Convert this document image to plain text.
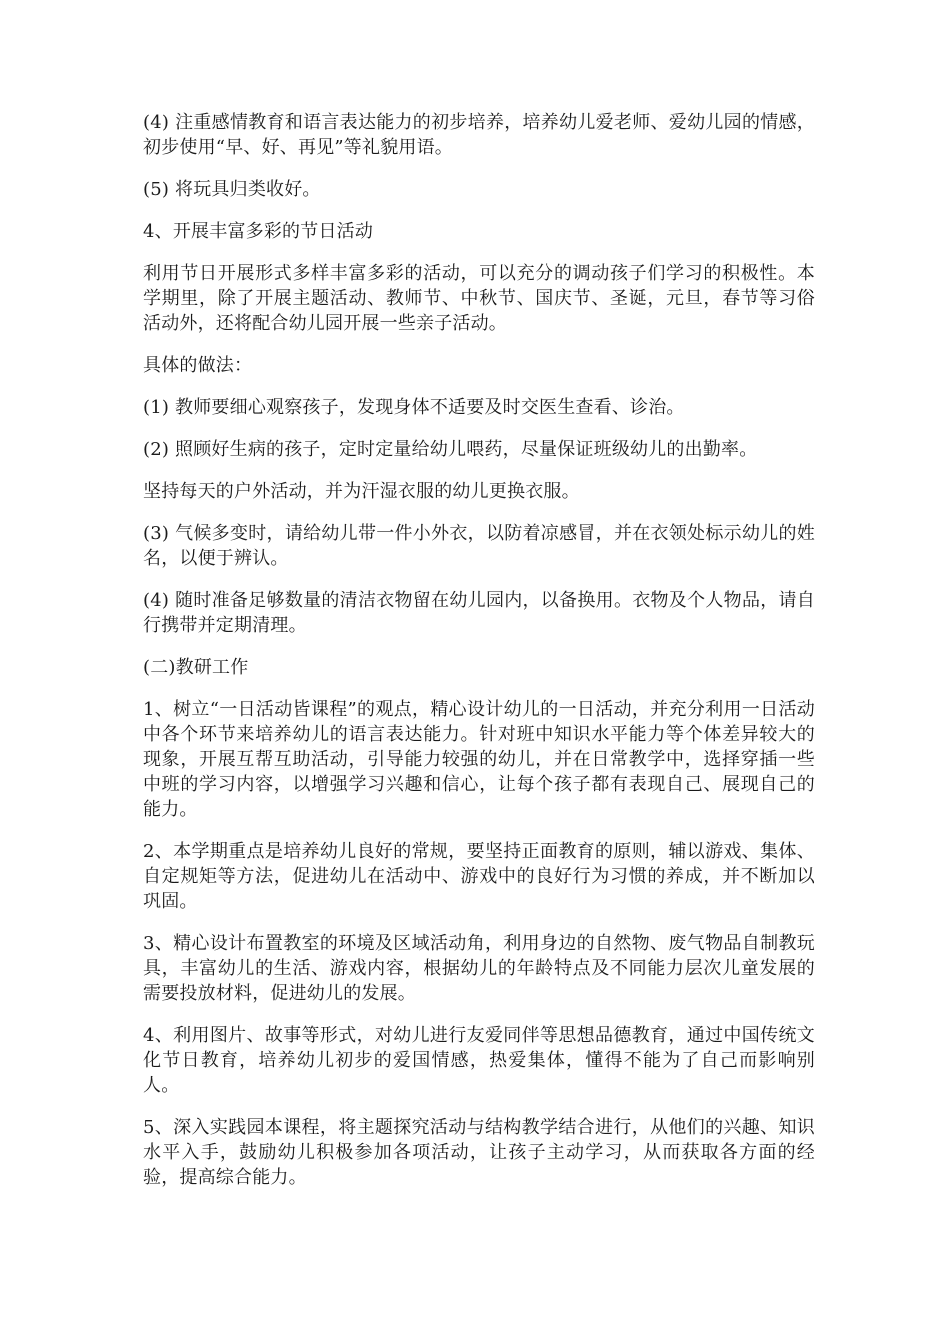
(4) 注重感情教育和语言表达能力的初步培养，培养幼儿爱老师、爱幼儿园的情感，初步使用“早、好、再见”等礼貌用语。

(5) 将玩具归类收好。

4、开展丰富多彩的节日活动

利用节日开展形式多样丰富多彩的活动，可以充分的调动孩子们学习的积极性。本学期里，除了开展主题活动、教师节、中秋节、国庆节、圣诞，元旦，春节等习俗活动外，还将配合幼儿园开展一些亲子活动。

具体的做法：

(1) 教师要细心观察孩子，发现身体不适要及时交医生查看、诊治。

(2) 照顾好生病的孩子，定时定量给幼儿喂药，尽量保证班级幼儿的出勤率。

坚持每天的户外活动，并为汗湿衣服的幼儿更换衣服。

(3) 气候多变时，请给幼儿带一件小外衣，以防着凉感冒，并在衣领处标示幼儿的姓名，以便于辨认。

(4) 随时准备足够数量的清洁衣物留在幼儿园内，以备换用。衣物及个人物品，请自行携带并定期清理。

(二)教研工作

1、树立“一日活动皆课程”的观点，精心设计幼儿的一日活动，并充分利用一日活动中各个环节来培养幼儿的语言表达能力。针对班中知识水平能力等个体差异较大的现象，开展互帮互助活动，引导能力较强的幼儿，并在日常教学中，选择穿插一些中班的学习内容，以增强学习兴趣和信心，让每个孩子都有表现自己、展现自己的能力。

2、本学期重点是培养幼儿良好的常规，要坚持正面教育的原则，辅以游戏、集体、自定规矩等方法，促进幼儿在活动中、游戏中的良好行为习惯的养成，并不断加以巩固。

3、精心设计布置教室的环境及区域活动角，利用身边的自然物、废气物品自制教玩具，丰富幼儿的生活、游戏内容，根据幼儿的年龄特点及不同能力层次儿童发展的需要投放材料，促进幼儿的发展。

4、利用图片、故事等形式，对幼儿进行友爱同伴等思想品德教育，通过中国传统文化节日教育，培养幼儿初步的爱国情感，热爱集体，懂得不能为了自己而影响别人。

5、深入实践园本课程，将主题探究活动与结构教学结合进行，从他们的兴趣、知识水平入手，鼓励幼儿积极参加各项活动，让孩子主动学习，从而获取各方面的经验，提高综合能力。
